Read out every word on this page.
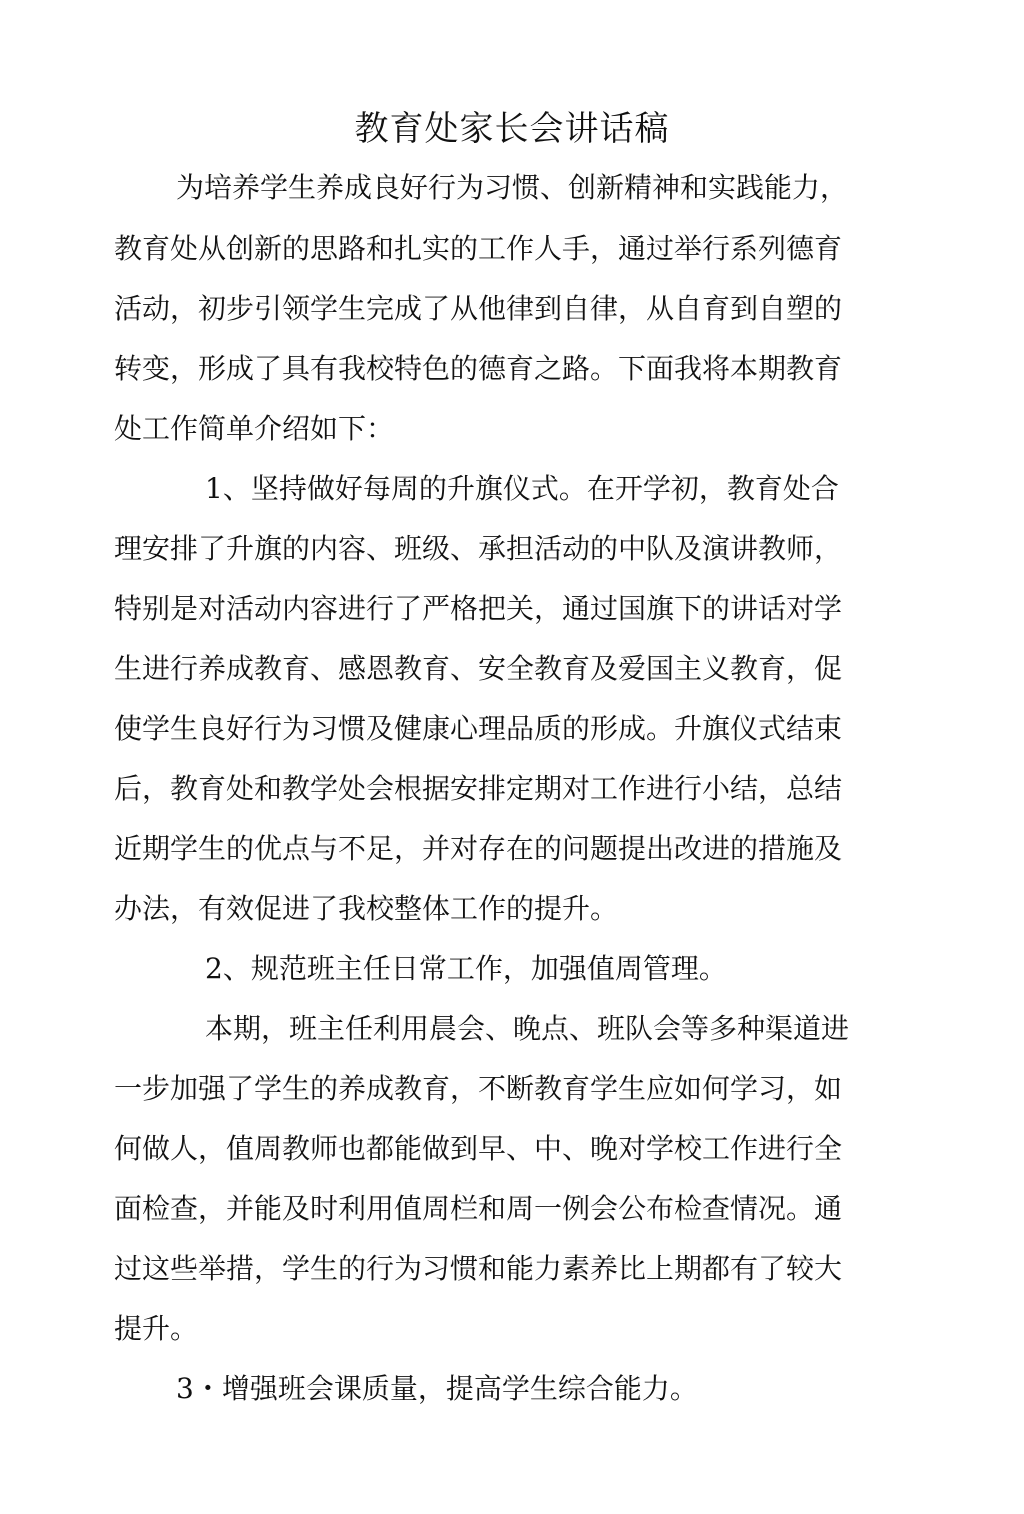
教育处家长会讲话稿
为培养学生养成良好行为习惯、创新精神和实践能力，
教育处从创新的思路和扎实的工作人手，通过举行系列德育
活动，初步引领学生完成了从他律到自律，从自育到自塑的
转变，形成了具有我校特色的德育之路。下面我将本期教育
处工作简单介绍如下：
1、坚持做好每周的升旗仪式。在开学初，教育处合
理安排了升旗的内容、班级、承担活动的中队及演讲教师，
特别是对活动内容进行了严格把关，通过国旗下的讲话对学
生进行养成教育、感恩教育、安全教育及爱国主义教育，促
使学生良好行为习惯及健康心理品质的形成。升旗仪式结束
后，教育处和教学处会根据安排定期对工作进行小结，总结
近期学生的优点与不足，并对存在的问题提出改进的措施及
办法，有效促进了我校整体工作的提升。
2、规范班主任日常工作，加强值周管理。
本期，班主任利用晨会、晚点、班队会等多种渠道进
一步加强了学生的养成教育，不断教育学生应如何学习，如
何做人，值周教师也都能做到早、中、晚对学校工作进行全
面检查，并能及时利用值周栏和周一例会公布检查情况。通
过这些举措，学生的行为习惯和能力素养比上期都有了较大
提升。
3・增强班会课质量，提高学生综合能力。
